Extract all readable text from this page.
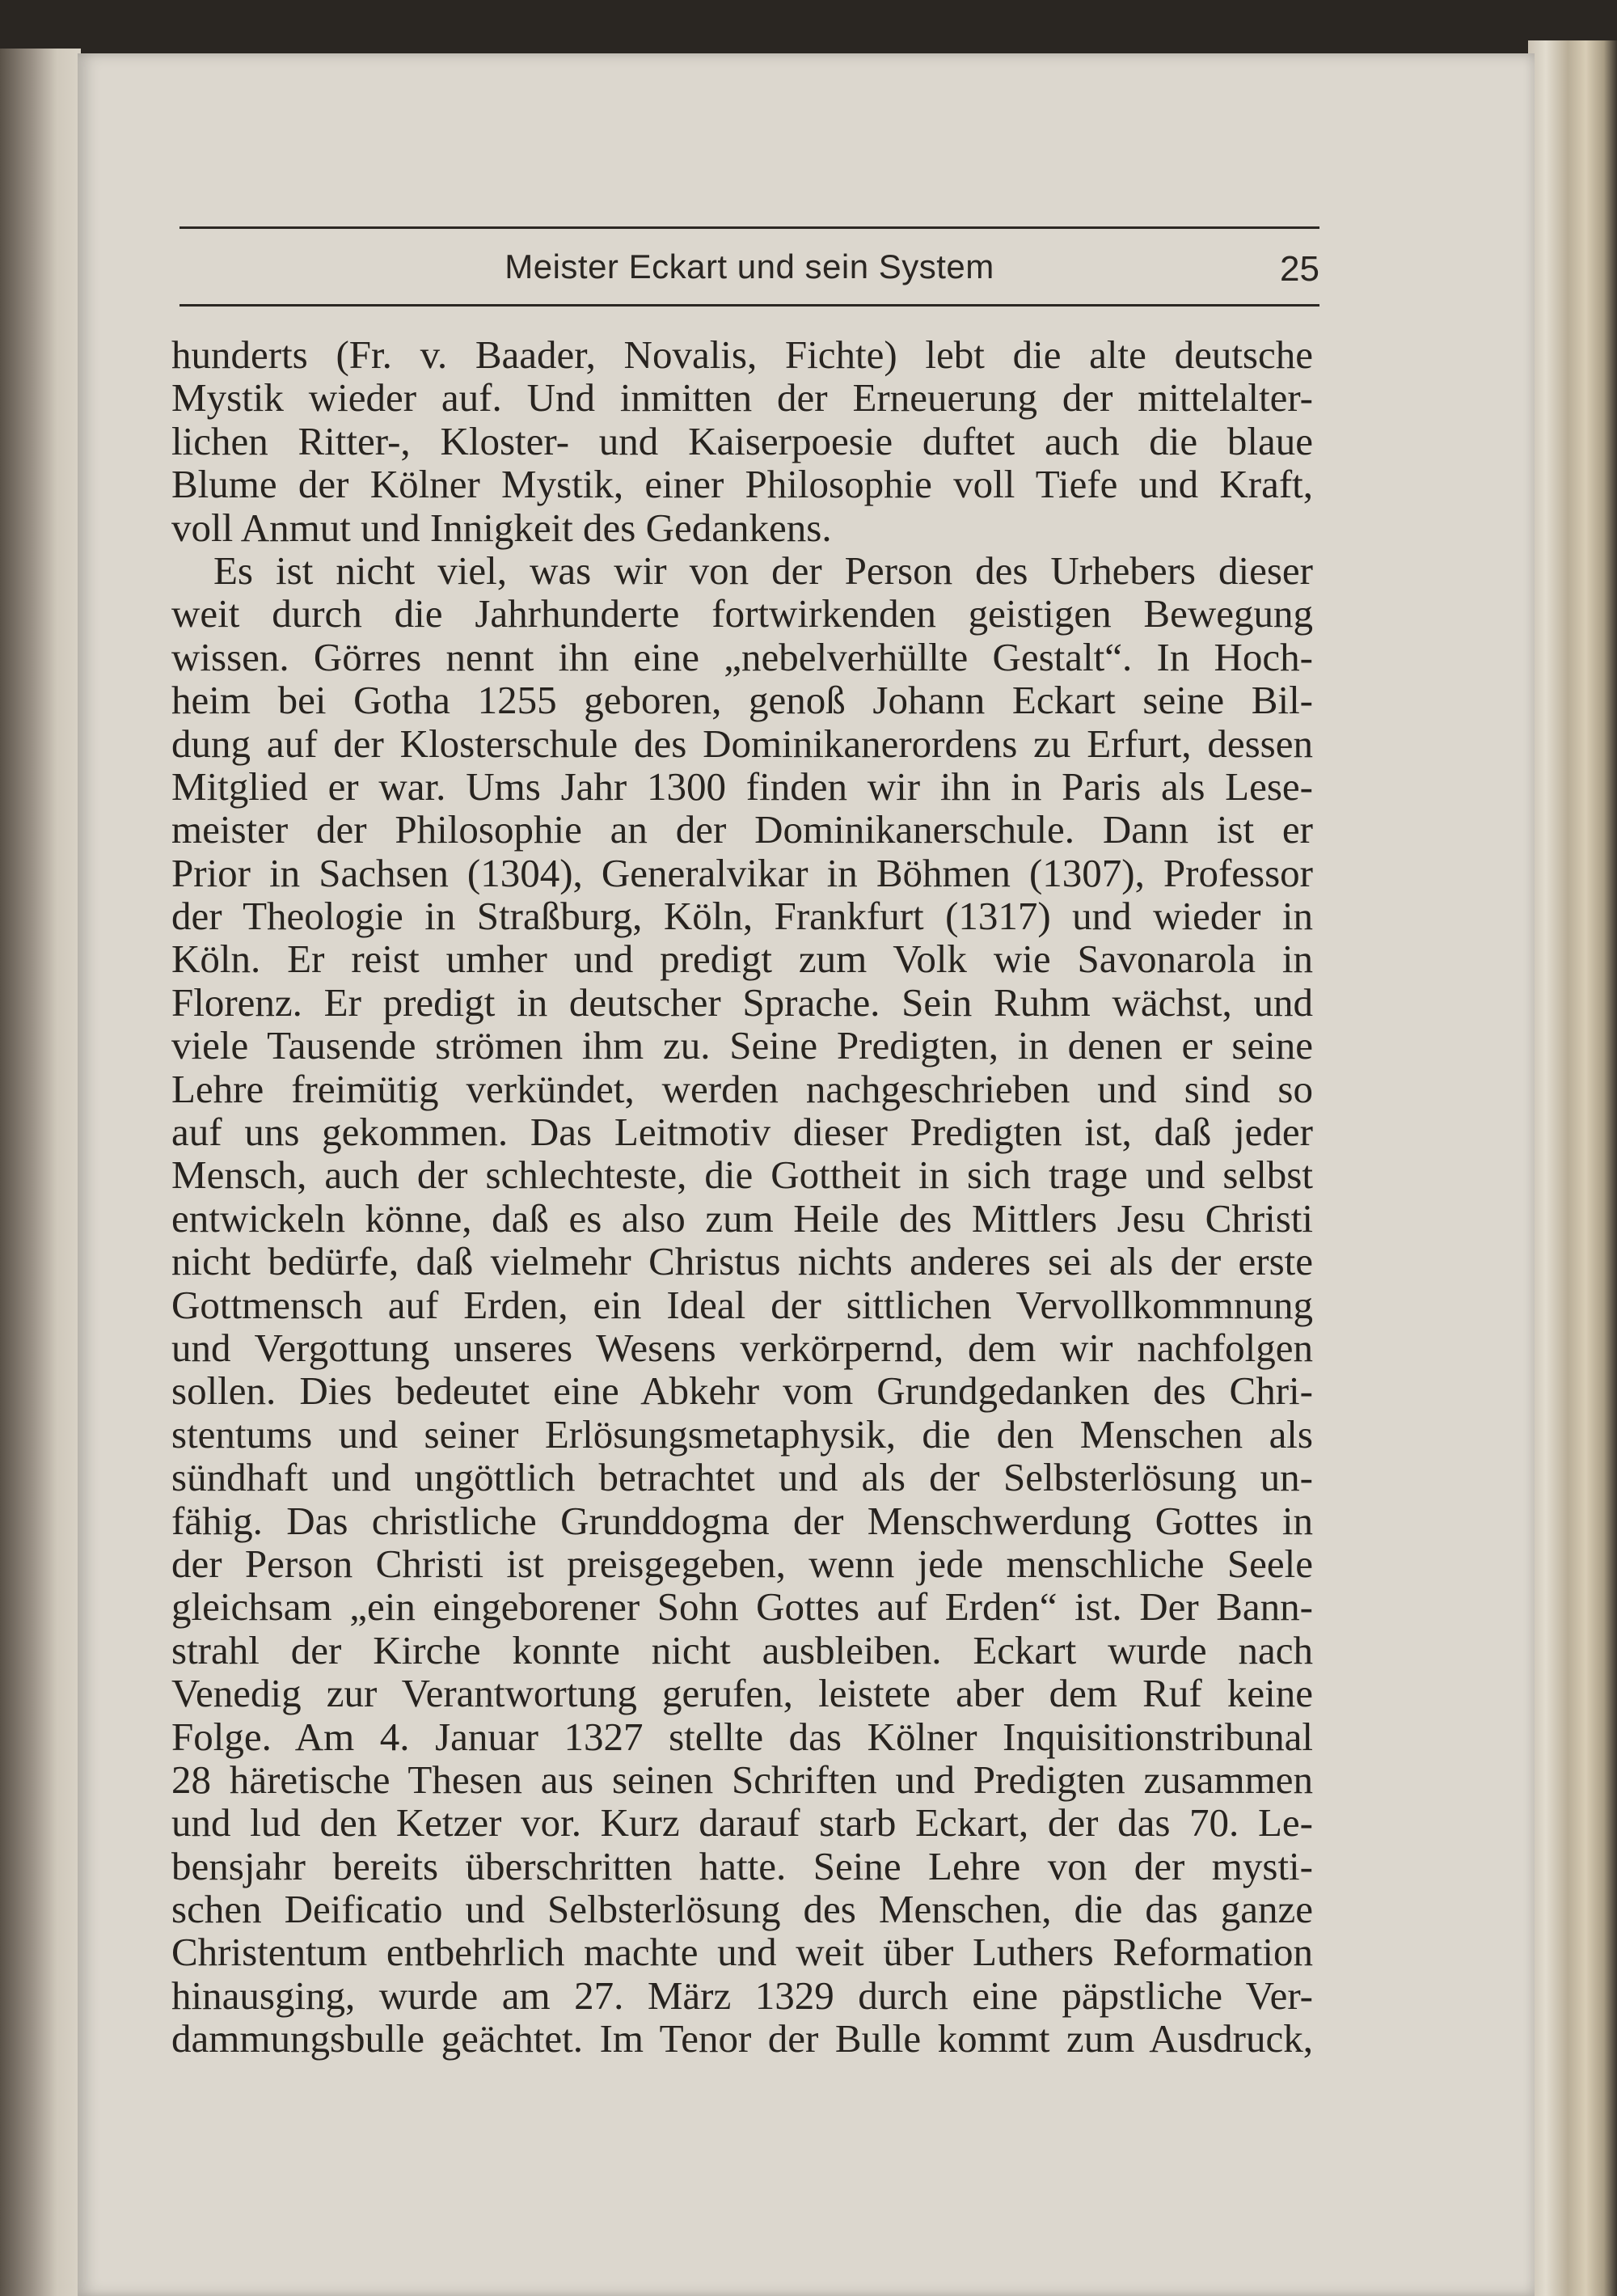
Meister Eckart und sein System	25
hunderts (Fr. v. Baader, Novalis, Fichte) lebt die alte deutsche
Mystik wieder auf. Und inmitten der Erneuerung der mittelalter-
lichen Ritter-, Kloster- und Kaiserpoesie duftet auch die blaue
Blume der Kölner Mystik, einer Philosophie voll Tiefe und Kraft,
voll Anmut und Innigkeit des Gedankens.
Es ist nicht viel, was wir von der Person des Urhebers dieser
weit durch die Jahrhunderte fortwirkenden geistigen Bewegung
wissen. Görres nennt ihn eine „nebelverhüllte Gestalt“. In Hoch-
heim bei Gotha 1255 geboren, genoß Johann Eckart seine Bil-
dung auf der Klosterschule des Dominikanerordens zu Erfurt, dessen
Mitglied er war. Ums Jahr 1300 finden wir ihn in Paris als Lese-
meister der Philosophie an der Dominikanerschule. Dann ist er
Prior in Sachsen (1304), Generalvikar in Böhmen (1307), Professor
der Theologie in Straßburg, Köln, Frankfurt (1317) und wieder in
Köln. Er reist umher und predigt zum Volk wie Savonarola in
Florenz. Er predigt in deutscher Sprache. Sein Ruhm wächst, und
viele Tausende strömen ihm zu. Seine Predigten, in denen er seine
Lehre freimütig verkündet, werden nachgeschrieben und sind so
auf uns gekommen. Das Leitmotiv dieser Predigten ist, daß jeder
Mensch, auch der schlechteste, die Gottheit in sich trage und selbst
entwickeln könne, daß es also zum Heile des Mittlers Jesu Christi
nicht bedürfe, daß vielmehr Christus nichts anderes sei als der erste
Gottmensch auf Erden, ein Ideal der sittlichen Vervollkommnung
und Vergottung unseres Wesens verkörpernd, dem wir nachfolgen
sollen. Dies bedeutet eine Abkehr vom Grundgedanken des Chri-
stentums und seiner Erlösungsmetaphysik, die den Menschen als
sündhaft und ungöttlich betrachtet und als der Selbsterlösung un-
fähig. Das christliche Grunddogma der Menschwerdung Gottes in
der Person Christi ist preisgegeben, wenn jede menschliche Seele
gleichsam „ein eingeborener Sohn Gottes auf Erden“ ist. Der Bann-
strahl der Kirche konnte nicht ausbleiben. Eckart wurde nach
Venedig zur Verantwortung gerufen, leistete aber dem Ruf keine
Folge. Am 4. Januar 1327 stellte das Kölner Inquisitionstribunal
28 häretische Thesen aus seinen Schriften und Predigten zusammen
und lud den Ketzer vor. Kurz darauf starb Eckart, der das 70. Le-
bensjahr bereits überschritten hatte. Seine Lehre von der mysti-
schen Deificatio und Selbsterlösung des Menschen, die das ganze
Christentum entbehrlich machte und weit über Luthers Reformation
hinausging, wurde am 27. März 1329 durch eine päpstliche Ver-
dammungsbulle geächtet. Im Tenor der Bulle kommt zum Ausdruck,
